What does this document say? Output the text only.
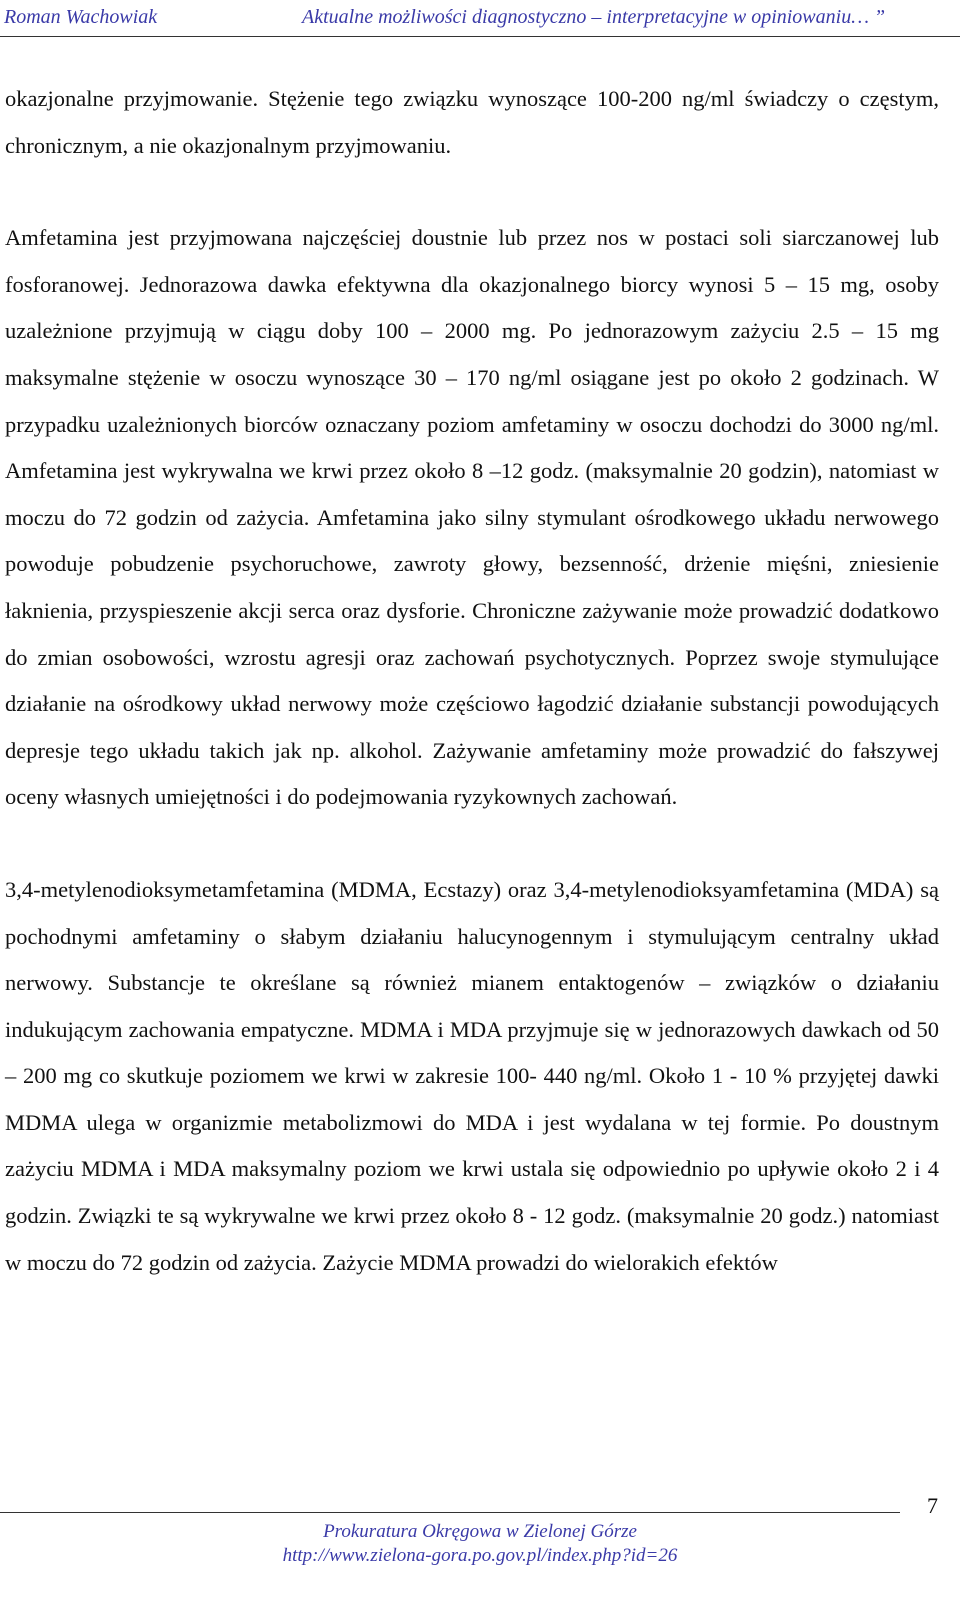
Roman Wachowiak	Aktualne możliwości diagnostyczno – interpretacyjne w opiniowaniu… ”

okazjonalne przyjmowanie. Stężenie tego związku wynoszące 100-200 ng/ml świadczy o częstym, chronicznym, a nie okazjonalnym przyjmowaniu.

Amfetamina jest przyjmowana najczęściej doustnie lub przez nos w postaci soli siarczanowej lub fosforanowej. Jednorazowa dawka efektywna dla okazjonalnego biorcy wynosi 5 – 15 mg, osoby uzależnione przyjmują w ciągu doby 100 – 2000 mg. Po jednorazowym zażyciu 2.5 – 15 mg maksymalne stężenie w osoczu wynoszące 30 – 170 ng/ml osiągane jest po około 2 godzinach. W przypadku uzależnionych biorców oznaczany poziom amfetaminy w osoczu dochodzi do 3000 ng/ml. Amfetamina jest wykrywalna we krwi przez około 8 –12 godz. (maksymalnie 20 godzin), natomiast w moczu do 72 godzin od zażycia. Amfetamina jako silny stymulant ośrodkowego układu nerwowego powoduje pobudzenie psychoruchowe, zawroty głowy, bezsenność, drżenie mięśni, zniesienie łaknienia, przyspieszenie akcji serca oraz dysforie. Chroniczne zażywanie może prowadzić dodatkowo do zmian osobowości, wzrostu agresji oraz zachowań psychotycznych. Poprzez swoje stymulujące działanie na ośrodkowy układ nerwowy może częściowo łagodzić działanie substancji powodujących depresje tego układu takich jak np. alkohol. Zażywanie amfetaminy może prowadzić do fałszywej oceny własnych umiejętności i do podejmowania ryzykownych zachowań.

3,4-metylenodioksymetamfetamina (MDMA, Ecstazy) oraz 3,4-metylenodioksyamfetamina (MDA) są pochodnymi amfetaminy o słabym działaniu halucynogennym i stymulującym centralny układ nerwowy. Substancje te określane są również mianem entaktogenów – związków o działaniu indukującym zachowania empatyczne. MDMA i MDA przyjmuje się w jednorazowych dawkach od 50 – 200 mg co skutkuje poziomem we krwi w zakresie 100- 440 ng/ml. Około 1 - 10 % przyjętej dawki MDMA ulega w organizmie metabolizmowi do MDA i jest wydalana w tej formie. Po doustnym zażyciu MDMA i MDA maksymalny poziom we krwi ustala się odpowiednio po upływie około 2 i 4 godzin. Związki te są wykrywalne we krwi przez około 8 - 12 godz. (maksymalnie 20 godz.) natomiast w moczu do 72 godzin od zażycia. Zażycie MDMA prowadzi do wielorakich efektów

7
Prokuratura Okręgowa w Zielonej Górze
http://www.zielona-gora.po.gov.pl/index.php?id=26
